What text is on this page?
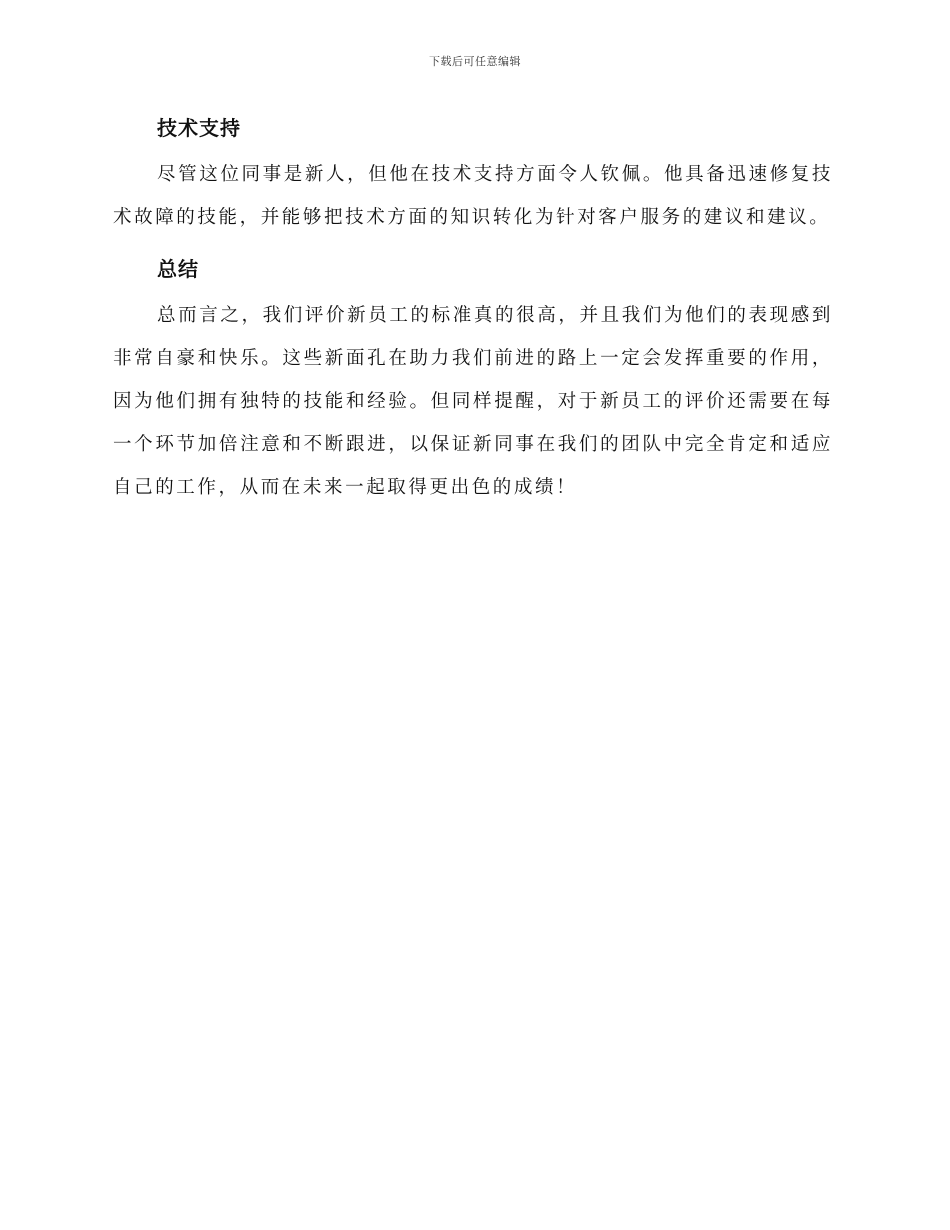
下载后可任意编辑
技术支持

尽管这位同事是新人，但他在技术支持方面令人钦佩。他具备迅速修复技术故障的技能，并能够把技术方面的知识转化为针对客户服务的建议和建议。

总结

总而言之，我们评价新员工的标准真的很高，并且我们为他们的表现感到非常自豪和快乐。这些新面孔在助力我们前进的路上一定会发挥重要的作用，因为他们拥有独特的技能和经验。但同样提醒，对于新员工的评价还需要在每一个环节加倍注意和不断跟进，以保证新同事在我们的团队中完全肯定和适应自己的工作，从而在未来一起取得更出色的成绩！
